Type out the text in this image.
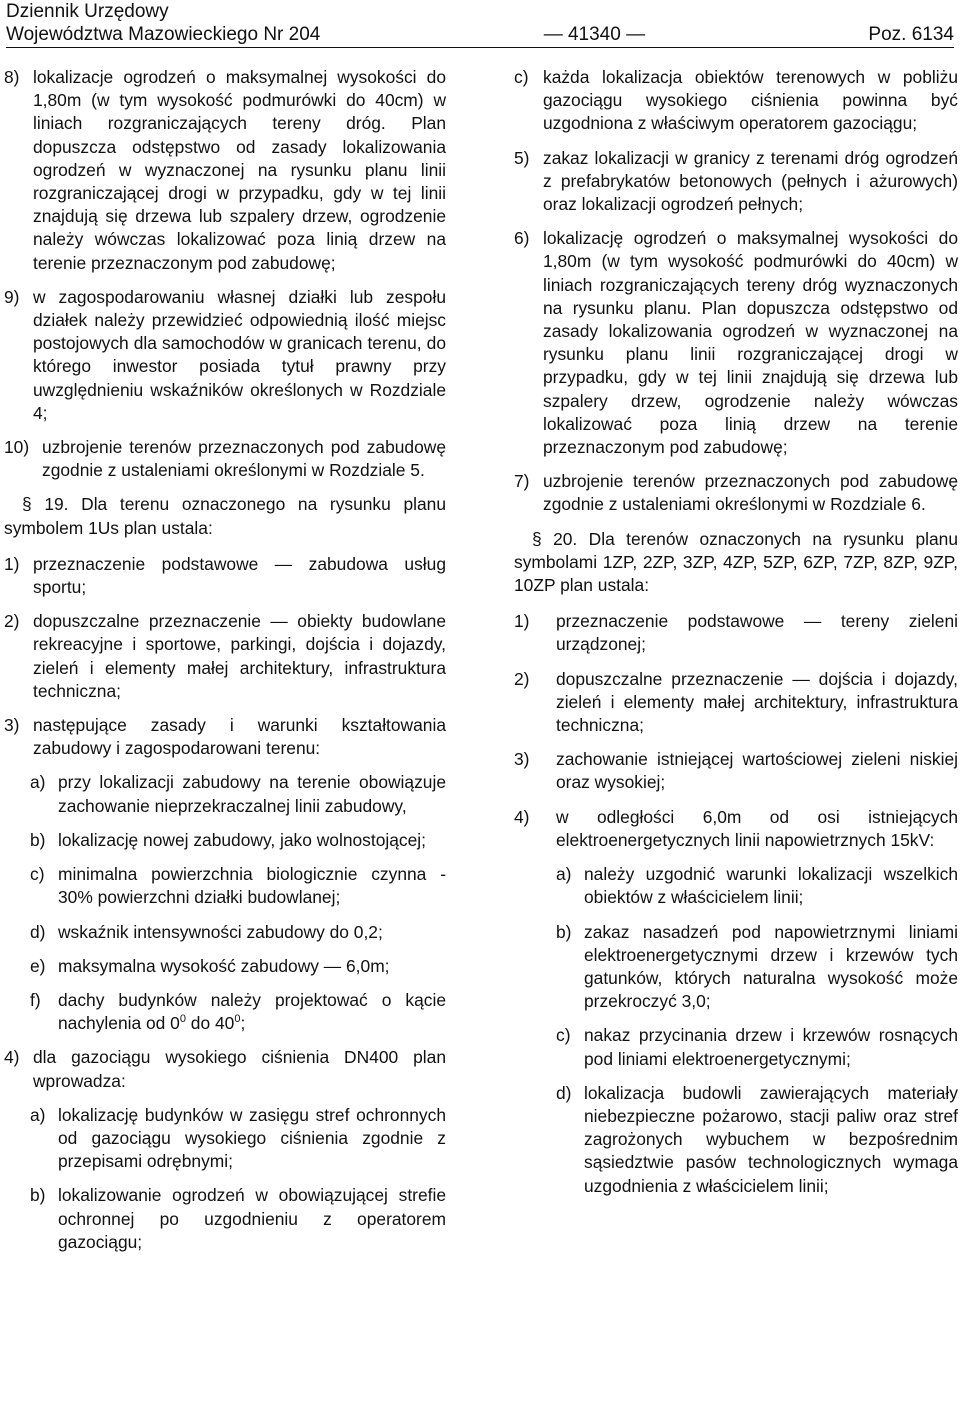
Dziennik Urzędowy
Województwa Mazowieckiego Nr 204	— 41340 —	Poz. 6134
8) lokalizacje ogrodzeń o maksymalnej wysokości do 1,80m (w tym wysokość podmurówki do 40cm) w liniach rozgraniczających tereny dróg. Plan dopuszcza odstępstwo od zasady lokalizowania ogrodzeń w wyznaczonej na rysunku planu linii rozgraniczającej drogi w przypadku, gdy w tej linii znajdują się drzewa lub szpalery drzew, ogrodzenie należy wówczas lokalizować poza linią drzew na terenie przeznaczonym pod zabudowę;
9) w zagospodarowaniu własnej działki lub zespołu działek należy przewidzieć odpowiednią ilość miejsc postojowych dla samochodów w granicach terenu, do którego inwestor posiada tytuł prawny przy uwzględnieniu wskaźników określonych w Rozdziale 4;
10) uzbrojenie terenów przeznaczonych pod zabudowę zgodnie z ustaleniami określonymi w Rozdziale 5.
§ 19. Dla terenu oznaczonego na rysunku planu symbolem 1Us plan ustala:
1) przeznaczenie podstawowe — zabudowa usług sportu;
2) dopuszczalne przeznaczenie — obiekty budowlane rekreacyjne i sportowe, parkingi, dojścia i dojazdy, zieleń i elementy małej architektury, infrastruktura techniczna;
3) następujące zasady i warunki kształtowania zabudowy i zagospodarowani terenu:
a) przy lokalizacji zabudowy na terenie obowiązuje zachowanie nieprzekraczalnej linii zabudowy,
b) lokalizację nowej zabudowy, jako wolnostojącej;
c) minimalna powierzchnia biologicznie czynna - 30% powierzchni działki budowlanej;
d) wskaźnik intensywności zabudowy do 0,2;
e) maksymalna wysokość zabudowy — 6,0m;
f) dachy budynków należy projektować o kącie nachylenia od $0^0$ do $40^0$;
4) dla gazociągu wysokiego ciśnienia DN400 plan wprowadza:
a) lokalizację budynków w zasięgu stref ochronnych od gazociągu wysokiego ciśnienia zgodnie z przepisami odrębnymi;
b) lokalizowanie ogrodzeń w obowiązującej strefie ochronnej po uzgodnieniu z operatorem gazociągu;
c) każda lokalizacja obiektów terenowych w pobliżu gazociągu wysokiego ciśnienia powinna być uzgodniona z właściwym operatorem gazociągu;
5) zakaz lokalizacji w granicy z terenami dróg ogrodzeń z prefabrykatów betonowych (pełnych i ażurowych) oraz lokalizacji ogrodzeń pełnych;
6) lokalizację ogrodzeń o maksymalnej wysokości do 1,80m (w tym wysokość podmurówki do 40cm) w liniach rozgraniczających tereny dróg wyznaczonych na rysunku planu. Plan dopuszcza odstępstwo od zasady lokalizowania ogrodzeń w wyznaczonej na rysunku planu linii rozgraniczającej drogi w przypadku, gdy w tej linii znajdują się drzewa lub szpalery drzew, ogrodzenie należy wówczas lokalizować poza linią drzew na terenie przeznaczonym pod zabudowę;
7) uzbrojenie terenów przeznaczonych pod zabudowę zgodnie z ustaleniami określonymi w Rozdziale 6.
§ 20. Dla terenów oznaczonych na rysunku planu symbolami 1ZP, 2ZP, 3ZP, 4ZP, 5ZP, 6ZP, 7ZP, 8ZP, 9ZP, 10ZP plan ustala:
1)	przeznaczenie podstawowe — tereny zieleni urządzonej;
2)	dopuszczalne przeznaczenie — dojścia i dojazdy, zieleń i elementy małej architektury, infrastruktura techniczna;
3)	zachowanie istniejącej wartościowej zieleni niskiej oraz wysokiej;
4)	w odległości 6,0m od osi istniejących elektroenergetycznych linii napowietrznych 15kV:
a) należy uzgodnić warunki lokalizacji wszelkich obiektów z właścicielem linii;
b) zakaz nasadzeń pod napowietrznymi liniami elektroenergetycznymi drzew i krzewów tych gatunków, których naturalna wysokość może przekroczyć 3,0;
c) nakaz przycinania drzew i krzewów rosnących pod liniami elektroenergetycznymi;
d) lokalizacja budowli zawierających materiały niebezpieczne pożarowo, stacji paliw oraz stref zagrożonych wybuchem w bezpośrednim sąsiedztwie pasów technologicznych wymaga uzgodnienia z właścicielem linii;
